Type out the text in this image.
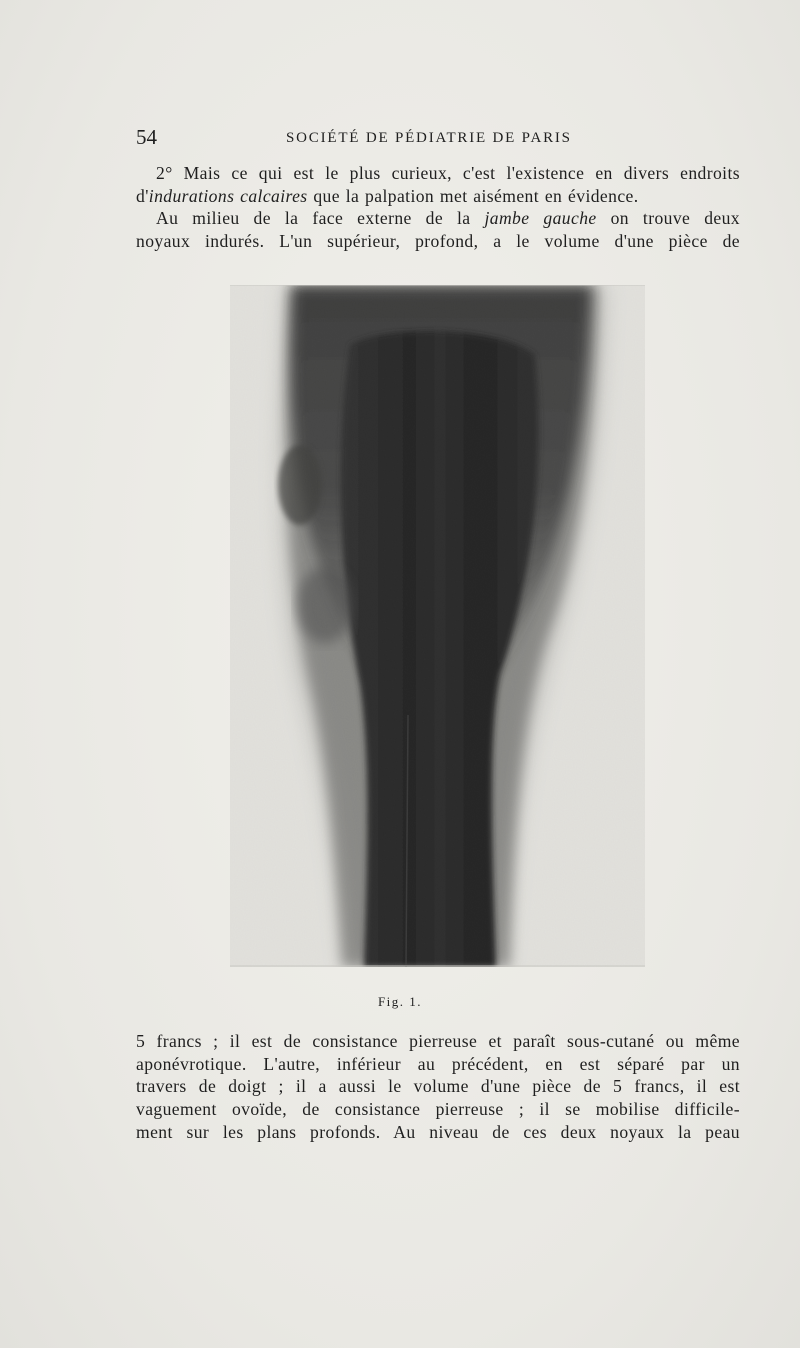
54	SOCIÉTÉ DE PÉDIATRIE DE PARIS
2° Mais ce qui est le plus curieux, c'est l'existence en divers endroits
d'indurations calcaires que la palpation met aisément en évidence.
Au milieu de la face externe de la jambe gauche on trouve deux
noyaux indurés. L'un supérieur, profond, a le volume d'une pièce de
Fig. 1.
5 francs ; il est de consistance pierreuse et paraît sous-cutané ou même
aponévrotique. L'autre, inférieur au précédent, en est séparé par un
travers de doigt ; il a aussi le volume d'une pièce de 5 francs, il est
vaguement ovoïde, de consistance pierreuse ; il se mobilise difficile-
ment sur les plans profonds. Au niveau de ces deux noyaux la peau
